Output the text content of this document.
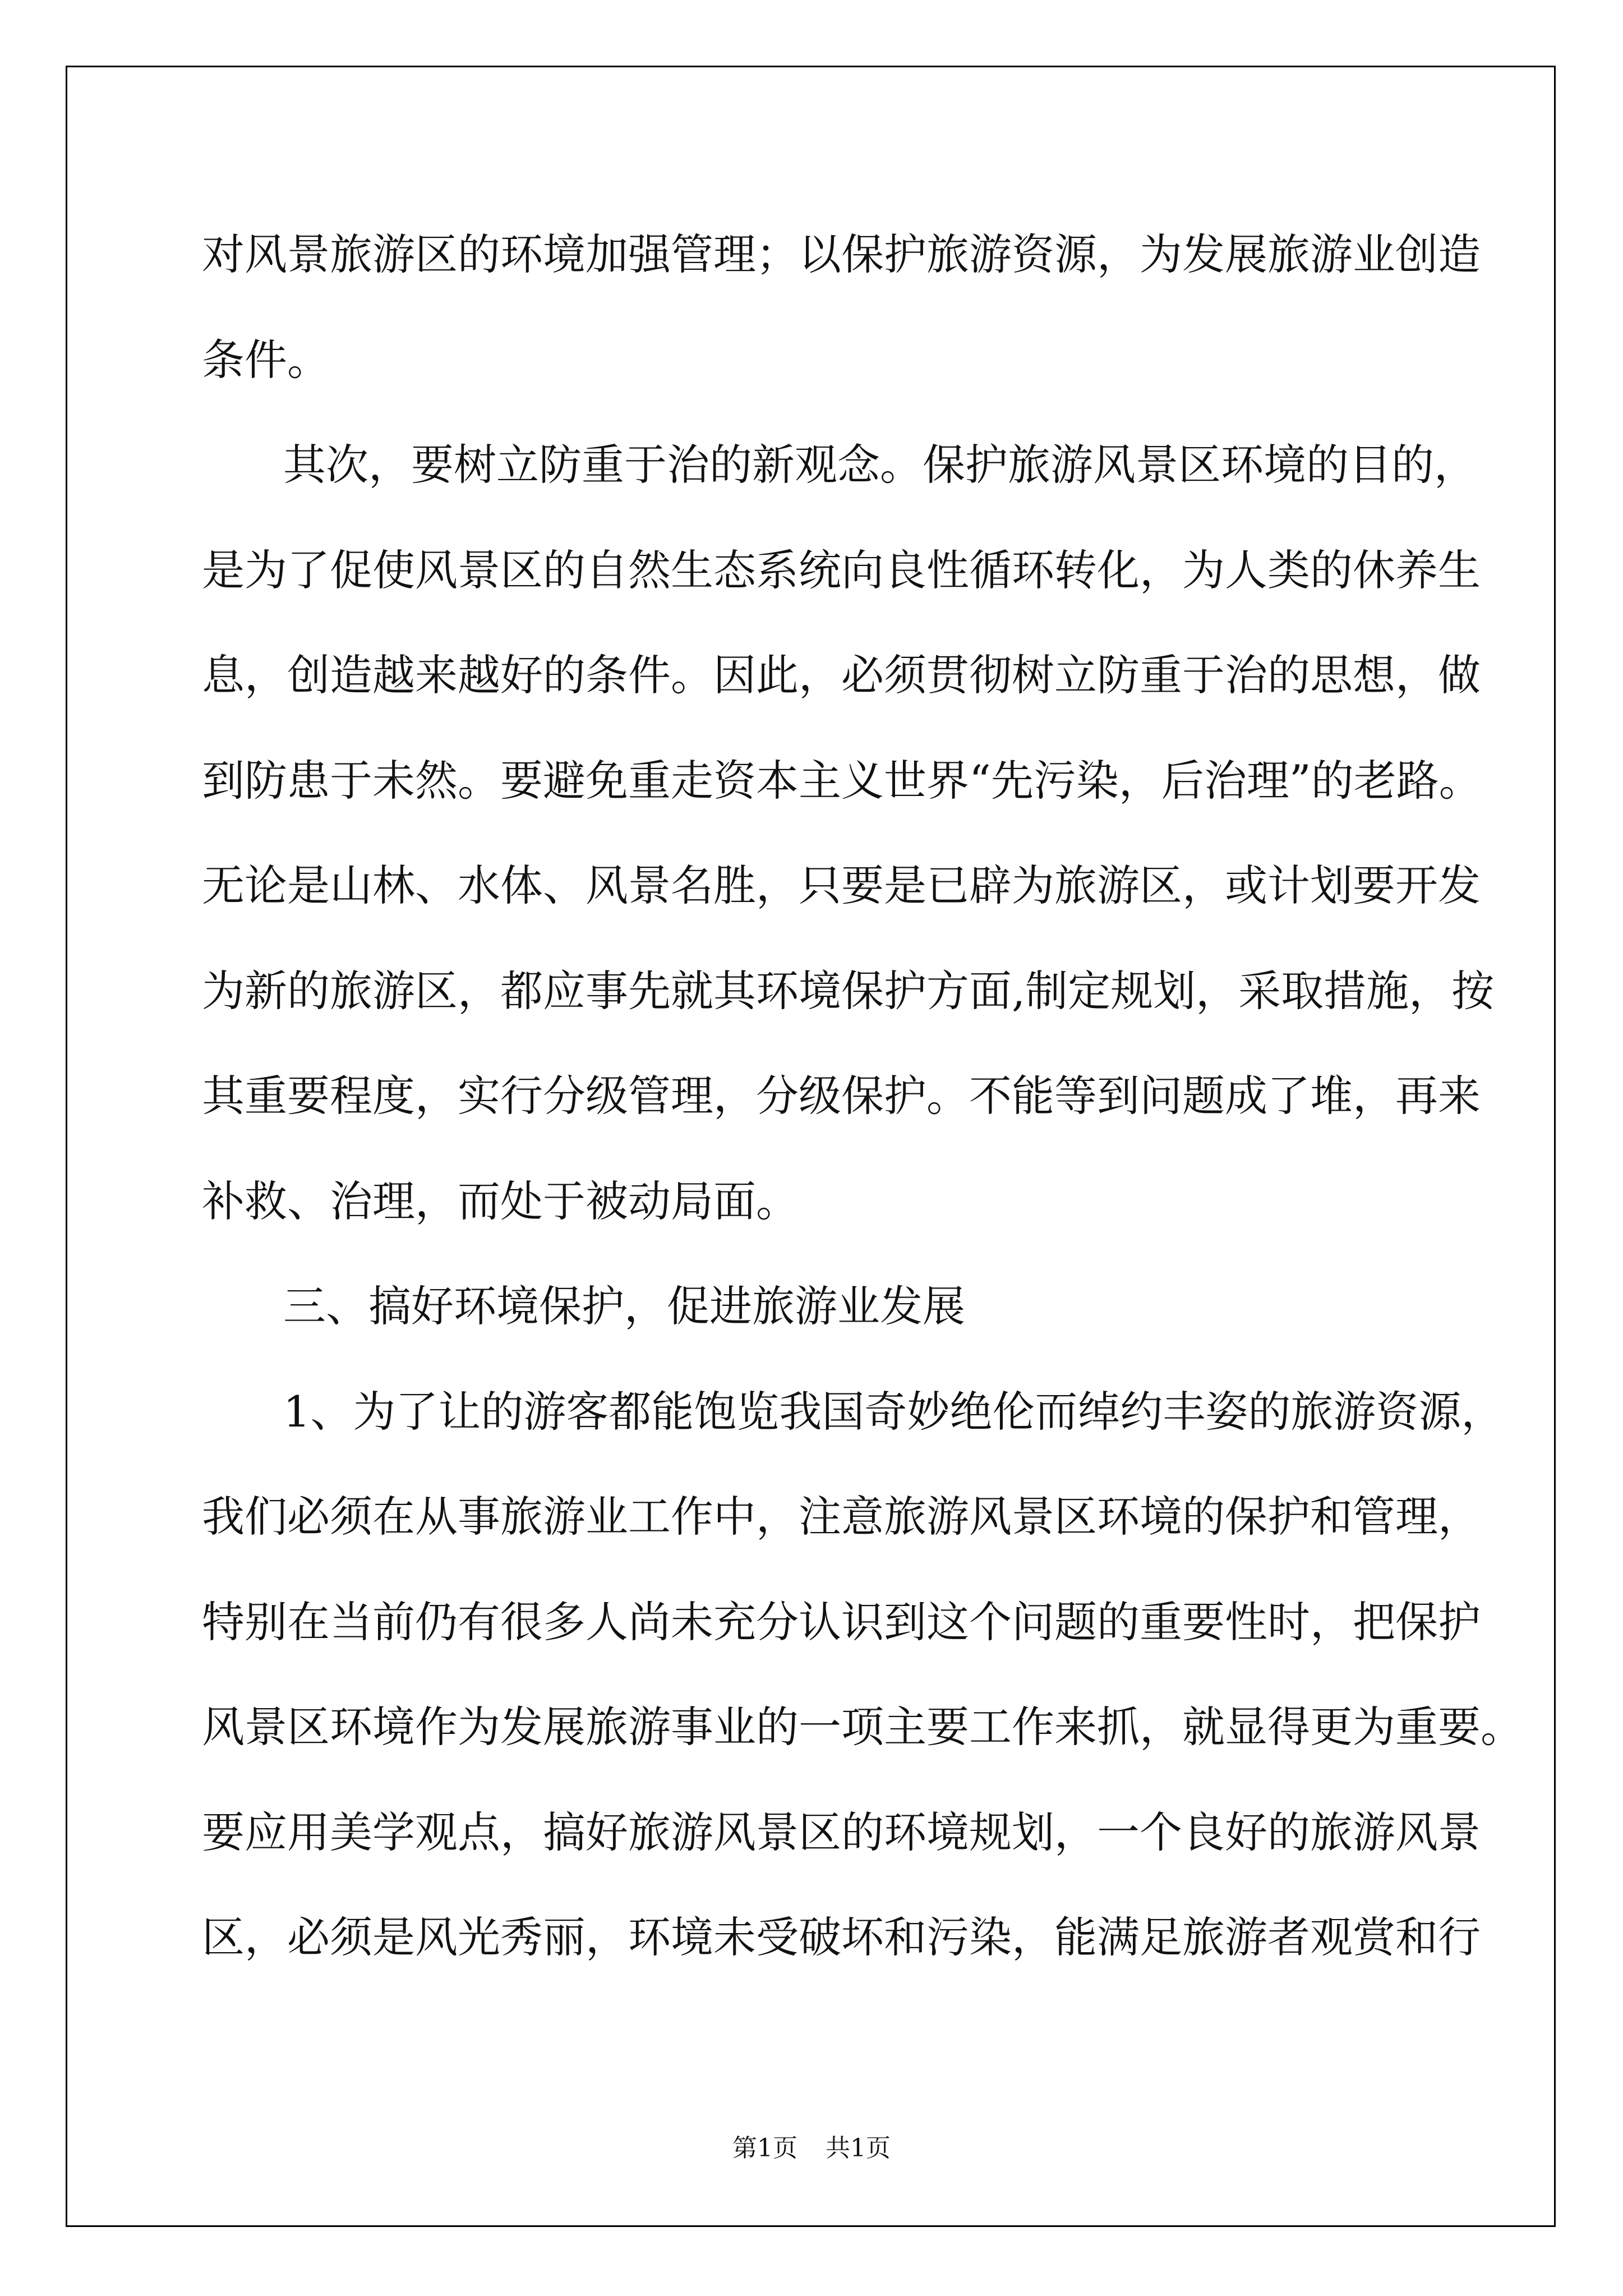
对风景旅游区的环境加强管理；以保护旅游资源，为发展旅游业创造
条件。
其次，要树立防重于治的新观念。保护旅游风景区环境的目的，
是为了促使风景区的自然生态系统向良性循环转化，为人类的休养生
息，创造越来越好的条件。因此，必须贯彻树立防重于治的思想，做
到防患于未然。要避免重走资本主义世界“先污染，后治理”的老路。
无论是山林、水体、风景名胜，只要是已辟为旅游区，或计划要开发
为新的旅游区，都应事先就其环境保护方面,制定规划，采取措施，按
其重要程度，实行分级管理，分级保护。不能等到问题成了堆，再来
补救、治理，而处于被动局面。
三、搞好环境保护，促进旅游业发展
1、为了让的游客都能饱览我国奇妙绝伦而绰约丰姿的旅游资源，
我们必须在从事旅游业工作中，注意旅游风景区环境的保护和管理，
特别在当前仍有很多人尚未充分认识到这个问题的重要性时，把保护
风景区环境作为发展旅游事业的一项主要工作来抓，就显得更为重要。
要应用美学观点，搞好旅游风景区的环境规划，一个良好的旅游风景
区，必须是风光秀丽，环境未受破坏和污染，能满足旅游者观赏和行
第1页 共1页
